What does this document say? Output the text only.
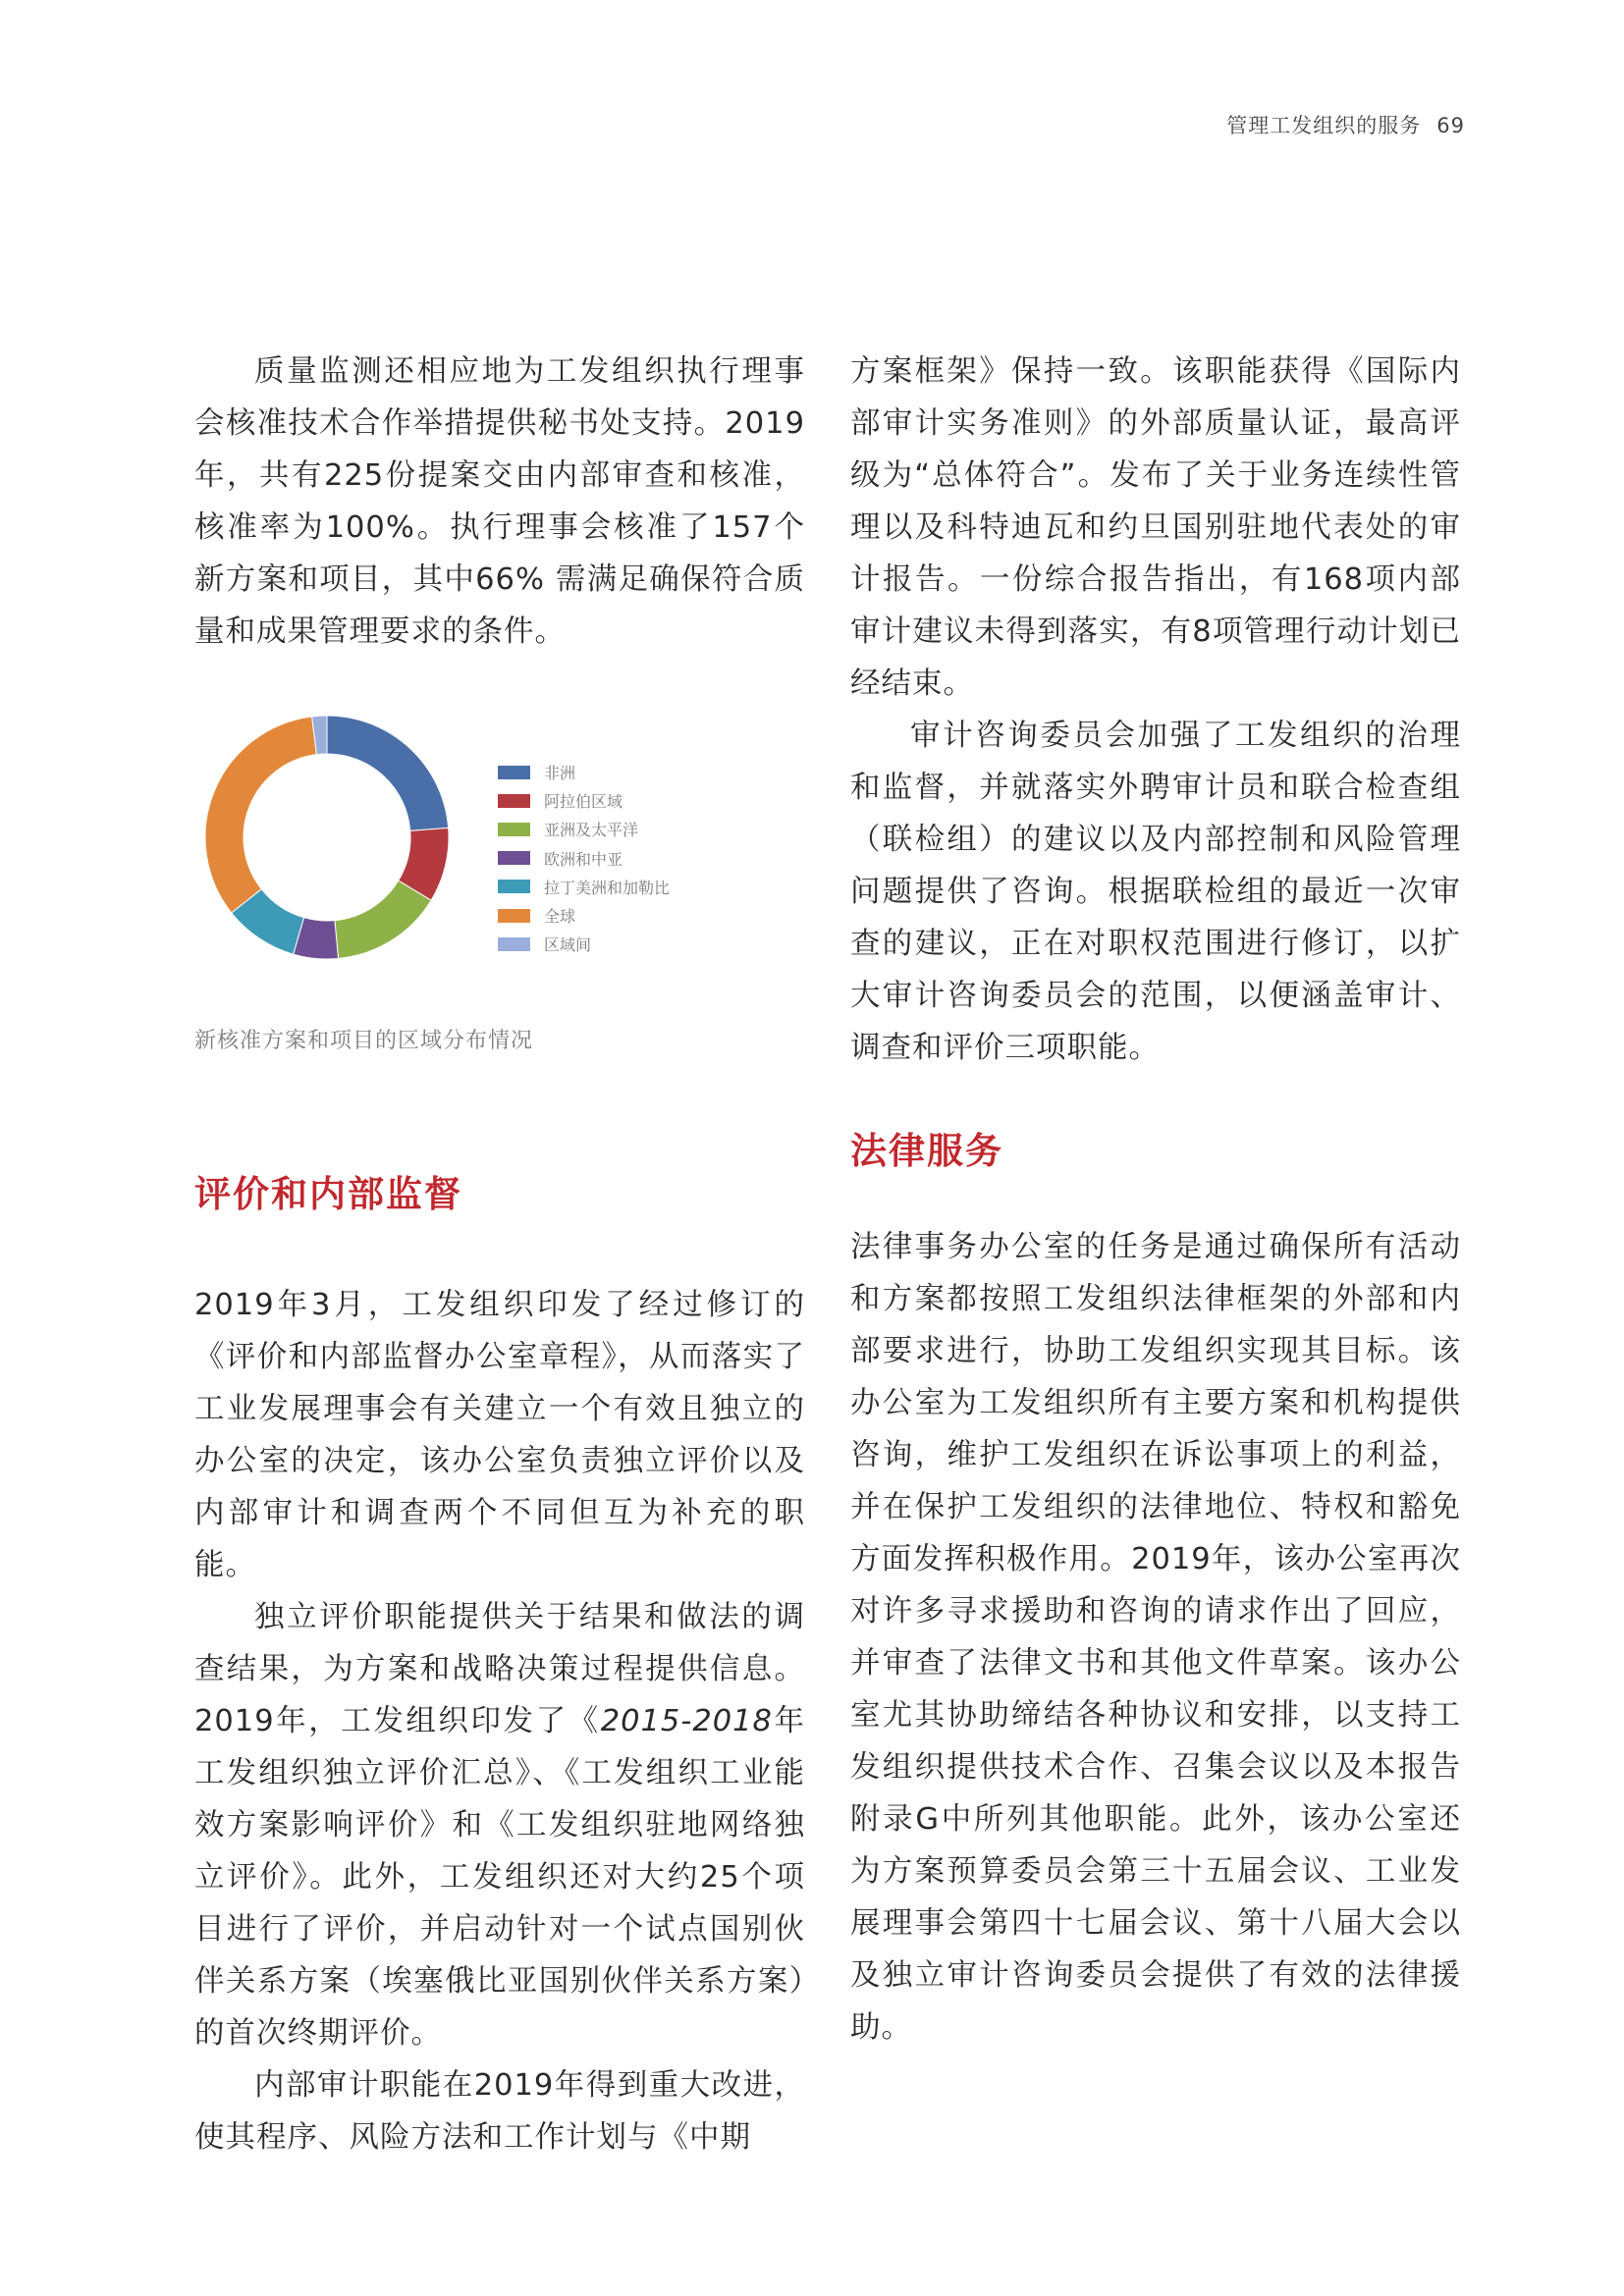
管理工发组织的服务 69

质量监测还相应地为工发组织执行理事会核准技术合作举措提供秘书处支持。2019年，共有225份提案交由内部审查和核准，核准率为100%。执行理事会核准了157个新方案和项目，其中66% 需满足确保符合质量和成果管理要求的条件。

非洲
阿拉伯区域
亚洲及太平洋
欧洲和中亚
拉丁美洲和加勒比
全球
区域间

新核准方案和项目的区域分布情况

评价和内部监督

2019年3月，工发组织印发了经过修订的《评价和内部监督办公室章程》，从而落实了工业发展理事会有关建立一个有效且独立的办公室的决定，该办公室负责独立评价以及内部审计和调查两个不同但互为补充的职能。

独立评价职能提供关于结果和做法的调查结果，为方案和战略决策过程提供信息。2019年，工发组织印发了《2015-2018年工发组织独立评价汇总》、《工发组织工业能效方案影响评价》和《工发组织驻地网络独立评价》。此外，工发组织还对大约25个项目进行了评价，并启动针对一个试点国别伙伴关系方案（埃塞俄比亚国别伙伴关系方案）的首次终期评价。

内部审计职能在2019年得到重大改进，使其程序、风险方法和工作计划与《中期

方案框架》保持一致。该职能获得《国际内部审计实务准则》的外部质量认证，最高评级为“总体符合”。发布了关于业务连续性管理以及科特迪瓦和约旦国别驻地代表处的审计报告。一份综合报告指出，有168项内部审计建议未得到落实，有8项管理行动计划已经结束。

审计咨询委员会加强了工发组织的治理和监督，并就落实外聘审计员和联合检查组（联检组）的建议以及内部控制和风险管理问题提供了咨询。根据联检组的最近一次审查的建议，正在对职权范围进行修订，以扩大审计咨询委员会的范围，以便涵盖审计、调查和评价三项职能。

法律服务

法律事务办公室的任务是通过确保所有活动和方案都按照工发组织法律框架的外部和内部要求进行，协助工发组织实现其目标。该办公室为工发组织所有主要方案和机构提供咨询，维护工发组织在诉讼事项上的利益，并在保护工发组织的法律地位、特权和豁免方面发挥积极作用。2019年，该办公室再次对许多寻求援助和咨询的请求作出了回应，并审查了法律文书和其他文件草案。该办公室尤其协助缔结各种协议和安排，以支持工发组织提供技术合作、召集会议以及本报告附录G中所列其他职能。此外，该办公室还为方案预算委员会第三十五届会议、工业发展理事会第四十七届会议、第十八届大会以及独立审计咨询委员会提供了有效的法律援助。
